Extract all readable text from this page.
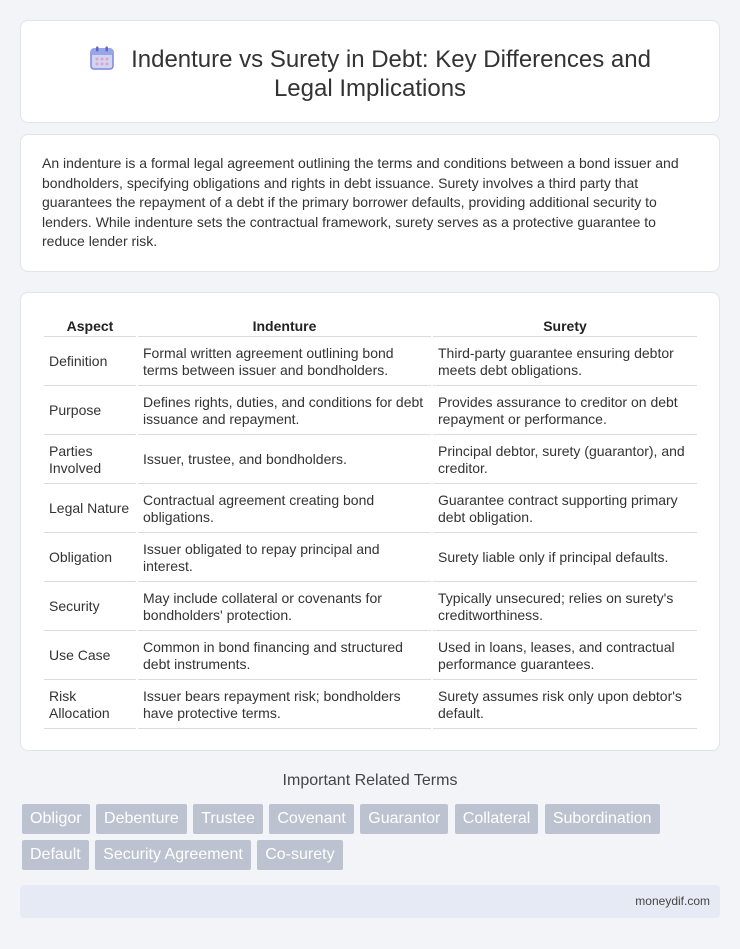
Indenture vs Surety in Debt: Key Differences and Legal Implications

An indenture is a formal legal agreement outlining the terms and conditions between a bond issuer and bondholders, specifying obligations and rights in debt issuance. Surety involves a third party that guarantees the repayment of a debt if the primary borrower defaults, providing additional security to lenders. While indenture sets the contractual framework, surety serves as a protective guarantee to reduce lender risk.

Aspect	Indenture	Surety
Definition	Formal written agreement outlining bond terms between issuer and bondholders.	Third-party guarantee ensuring debtor meets debt obligations.
Purpose	Defines rights, duties, and conditions for debt issuance and repayment.	Provides assurance to creditor on debt repayment or performance.
Parties Involved	Issuer, trustee, and bondholders.	Principal debtor, surety (guarantor), and creditor.
Legal Nature	Contractual agreement creating bond obligations.	Guarantee contract supporting primary debt obligation.
Obligation	Issuer obligated to repay principal and interest.	Surety liable only if principal defaults.
Security	May include collateral or covenants for bondholders' protection.	Typically unsecured; relies on surety's creditworthiness.
Use Case	Common in bond financing and structured debt instruments.	Used in loans, leases, and contractual performance guarantees.
Risk Allocation	Issuer bears repayment risk; bondholders have protective terms.	Surety assumes risk only upon debtor's default.
Important Related Terms
Obligor Debenture Trustee Covenant Guarantor Collateral Subordination Default Security Agreement Co-surety
moneydif.com
